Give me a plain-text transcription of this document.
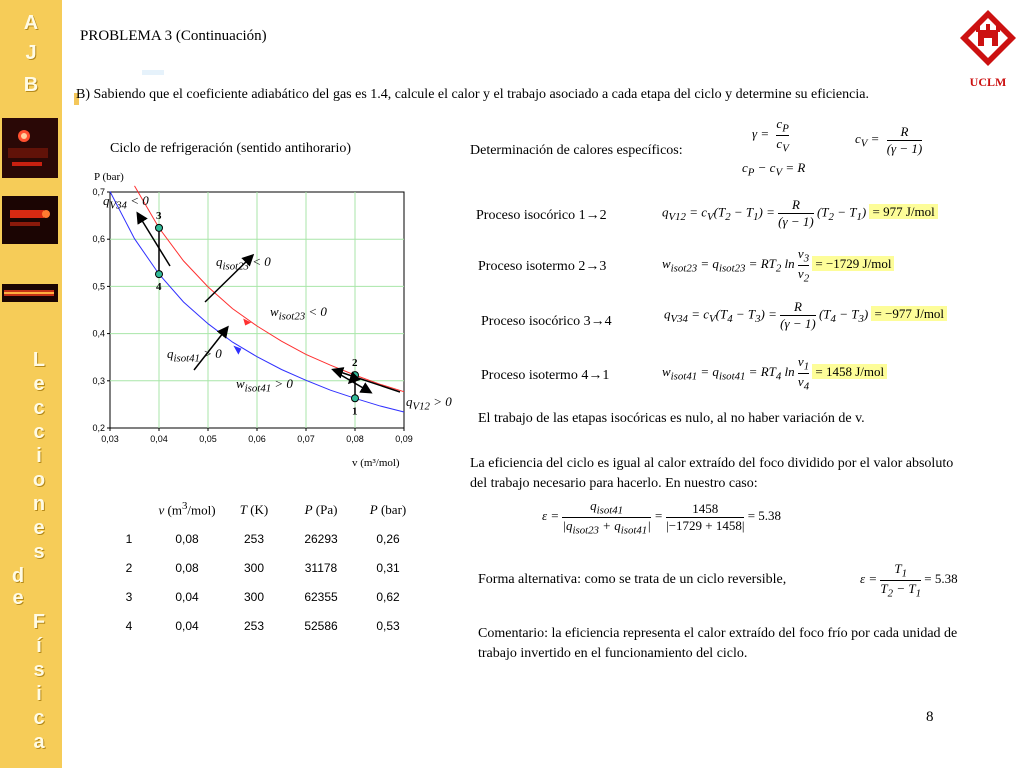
A
J
B
L
e
c
c
i
o
n
e
s
d
e
F
í
s
i
c
a
PROBLEMA 3 (Continuación)
UCLM
B) Sabiendo que el coeficiente adiabático del gas es 1.4, calcule el calor y el trabajo asociado a cada etapa del ciclo y determine su eficiencia.
Ciclo de refrigeración (sentido antihorario)
0,03	0,04	0,05	0,06	0,07	0,08	0,09
0,2
0,3
0,4
0,5
0,6
0,7
P (bar)
v (m³/mol)
1
2
3
4
	v $(m^3/mol)$	T (K)	P (Pa)	P (bar)
1	0,08	253	26293	0,26
2	0,08	300	31178	0,31
3	0,04	300	62355	0,62
4	0,04	253	52586	0,53
Determinación de calores específicos:
$\gamma = \frac{c_P}{c_V}$	$c_V = \frac{R}{(\gamma - 1)}$
$c_P - c_V = R$
Proceso isocórico 1→2	$q_{V12} = c_V(T_2 - T_1) = \frac{R}{(\gamma - 1)} (T_2 - T_1) = 977$ J/mol
Proceso isotermo 2→3	$w_{isot23} = q_{isot23} = RT_2$ $\ln \frac{v_3}{v_2} = -1729$ J/mol
Proceso isocórico 3→4
$q_{V34} = c_V(T_4 - T_3) = \frac{R}{(\gamma - 1)} (T_4 - T_3) = -977$ J/mol
Proceso isotermo 4→1	$w_{isot41} = q_{isot41} = RT_4$ $\ln \frac{v_1}{v_4} = 1458$ J/mol
El trabajo de las etapas isocóricas es nulo, al no haber variación de v.
La eficiencia del ciclo es igual al calor extraído del foco dividido por el valor absoluto del trabajo necesario para hacerlo. En nuestro caso:
ε =
$q_{isot41}$
$|q_{isot23} + q_{isot41}|$
= $\frac{1458}{|-1729 + 1458|} = 5.38$
Forma alternativa: como se trata de un ciclo reversible,	$\varepsilon = \frac{T_1}{T_2 - T_1} = 5.38$
Comentario: la eficiencia representa el calor extraído del foco frío por cada unidad de trabajo invertido en el funcionamiento del ciclo.
8
$q_{V34} < 0$
$q_{isot23} < 0$
$w_{isot23} < 0$
$q_{isot41} > 0$
$w_{isot41} > 0$
$q_{V12} > 0$
